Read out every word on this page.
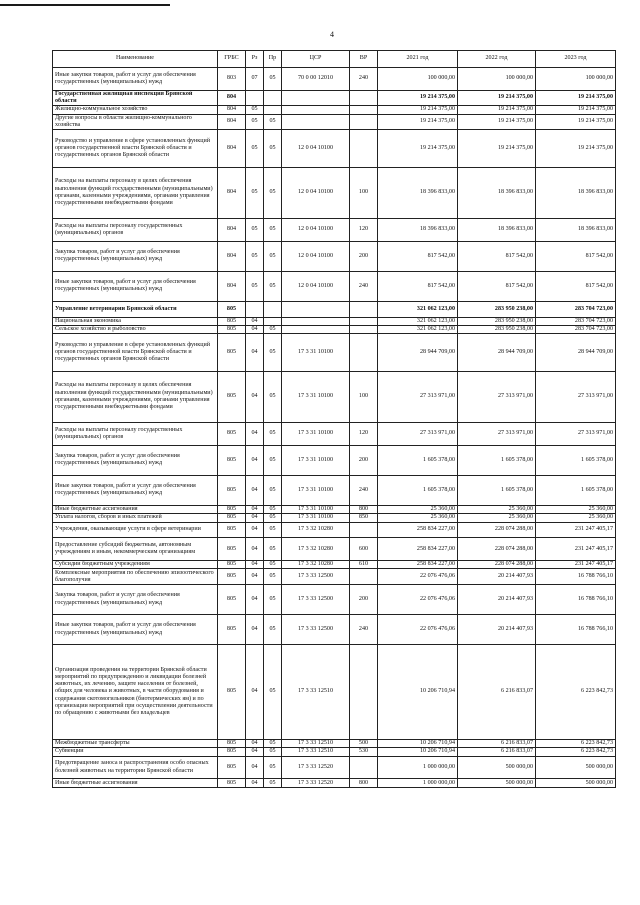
4
Наименование	ГРБС	Рз	Пр	ЦСР	ВР	2021 год	2022 год	2023 год
Иные закупки товаров, работ и услуг для обеспечения государственных (муниципальных) нужд	803	07	05	70 0 00 12010	240	100 000,00	100 000,00	100 000,00
Государственная жилищная инспекция Брянской области	804					19 214 375,00	19 214 375,00	19 214 375,00
Жилищно-коммунальное хозяйство	804	05				19 214 375,00	19 214 375,00	19 214 375,00
Другие вопросы в области жилищно-коммунального хозяйства	804	05	05			19 214 375,00	19 214 375,00	19 214 375,00
Руководство и управление в сфере установленных функций органов государственной власти Брянской области и государственных органов Брянской области	804	05	05	12 0 04 10100		19 214 375,00	19 214 375,00	19 214 375,00
Расходы на выплаты персоналу в целях обеспечения выполнения функций государственными (муниципальными) органами, казенными учреждениями, органами управления государственными внебюджетными фондами	804	05	05	12 0 04 10100	100	18 396 833,00	18 396 833,00	18 396 833,00
Расходы на выплаты персоналу государственных (муниципальных) органов	804	05	05	12 0 04 10100	120	18 396 833,00	18 396 833,00	18 396 833,00
Закупка товаров, работ и услуг для обеспечения государственных (муниципальных) нужд	804	05	05	12 0 04 10100	200	817 542,00	817 542,00	817 542,00
Иные закупки товаров, работ и услуг для обеспечения государственных (муниципальных) нужд	804	05	05	12 0 04 10100	240	817 542,00	817 542,00	817 542,00
Управление ветеринарии Брянской области	805					321 062 123,00	283 950 238,00	283 704 723,00
Национальная экономика	805	04				321 062 123,00	283 950 238,00	283 704 723,00
Сельское хозяйство и рыболовство	805	04	05			321 062 123,00	283 950 238,00	283 704 723,00
Руководство и управление в сфере установленных функций органов государственной власти Брянской области и государственных органов Брянской области	805	04	05	17 3 31 10100		28 944 709,00	28 944 709,00	28 944 709,00
Расходы на выплаты персоналу в целях обеспечения выполнения функций государственными (муниципальными) органами, казенными учреждениями, органами управления государственными внебюджетными фондами	805	04	05	17 3 31 10100	100	27 313 971,00	27 313 971,00	27 313 971,00
Расходы на выплаты персоналу государственных (муниципальных) органов	805	04	05	17 3 31 10100	120	27 313 971,00	27 313 971,00	27 313 971,00
Закупка товаров, работ и услуг для обеспечения государственных (муниципальных) нужд	805	04	05	17 3 31 10100	200	1 605 378,00	1 605 378,00	1 605 378,00
Иные закупки товаров, работ и услуг для обеспечения государственных (муниципальных) нужд	805	04	05	17 3 31 10100	240	1 605 378,00	1 605 378,00	1 605 378,00
Иные бюджетные ассигнования	805	04	05	17 3 31 10100	800	25 360,00	25 360,00	25 360,00
Уплата налогов, сборов и иных платежей	805	04	05	17 3 31 10100	850	25 360,00	25 360,00	25 360,00
Учреждения, оказывающие услуги в сфере ветеринарии	805	04	05	17 3 32 10280		258 834 227,00	228 074 288,00	231 247 405,17
Предоставление субсидий бюджетным, автономным учреждениям и иным, некоммерческим организациям	805	04	05	17 3 32 10280	600	258 834 227,00	228 074 288,00	231 247 405,17
Субсидии бюджетным учреждениям	805	04	05	17 3 32 10280	610	258 834 227,00	228 074 288,00	231 247 405,17
Комплексные мероприятия по обеспечению эпизоотического благополучия	805	04	05	17 3 33 12500		22 076 476,06	20 214 407,93	16 788 766,10
Закупка товаров, работ и услуг для обеспечения государственных (муниципальных) нужд	805	04	05	17 3 33 12500	200	22 076 476,06	20 214 407,93	16 788 766,10
Иные закупки товаров, работ и услуг для обеспечения государственных (муниципальных) нужд	805	04	05	17 3 33 12500	240	22 076 476,06	20 214 407,93	16 788 766,10
Организация проведения на территории Брянской области мероприятий по предупреждению и ликвидации болезней животных, их лечению, защите населения от болезней, общих для человека и животных, в части оборудования и содержания скотомогильников (биотермических ям) и по организации мероприятий при осуществлении деятельности по обращению с животными без владельцев	805	04	05	17 3 33 12510		10 206 710,94	6 216 833,07	6 223 842,73
Межбюджетные трансферты	805	04	05	17 3 33 12510	500	10 206 710,94	6 216 833,07	6 223 842,73
Субвенции	805	04	05	17 3 33 12510	530	10 206 710,94	6 216 833,07	6 223 842,73
Предотвращение заноса и распространения особо опасных болезней животных на территории Брянской области	805	04	05	17 3 33 12520		1 000 000,00	500 000,00	500 000,00
Иные бюджетные ассигнования	805	04	05	17 3 33 12520	800	1 000 000,00	500 000,00	500 000,00
